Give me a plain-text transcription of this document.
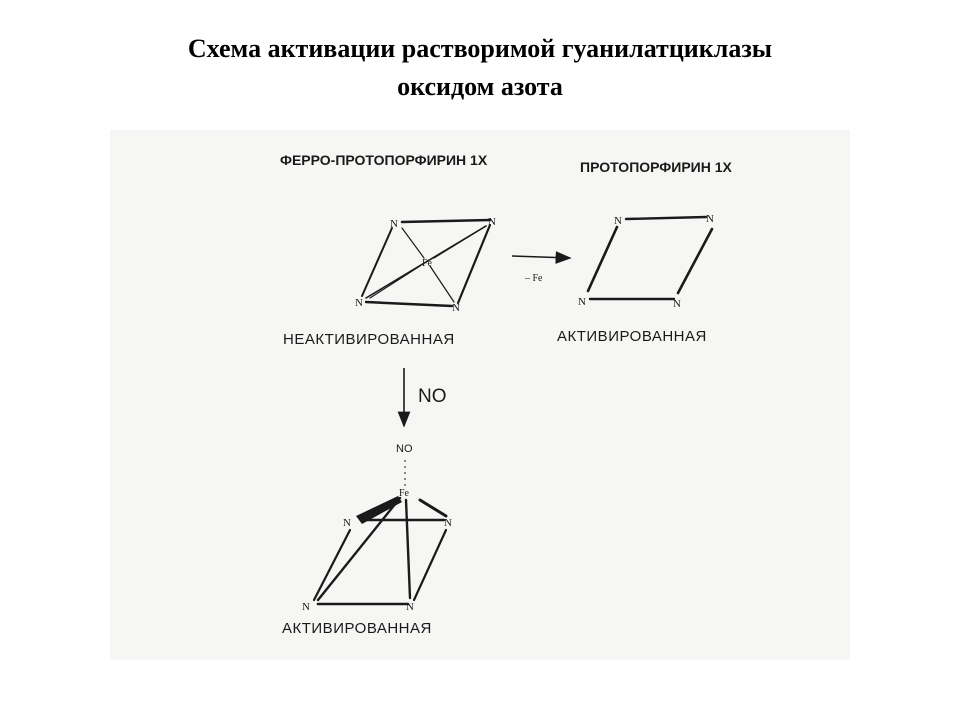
Схема активации растворимой гуанилатциклазы
оксидом азота
ФЕРРО-ПРОТОПОРФИРИН 1Х	ПРОТОПОРФИРИН 1Х
N	N
N	N
Fe
– Fe
N	N
N	N
НЕАКТИВИРОВАННАЯ	АКТИВИРОВАННАЯ
NO
NO
N	N
N	N
Fe
АКТИВИРОВАННАЯ
